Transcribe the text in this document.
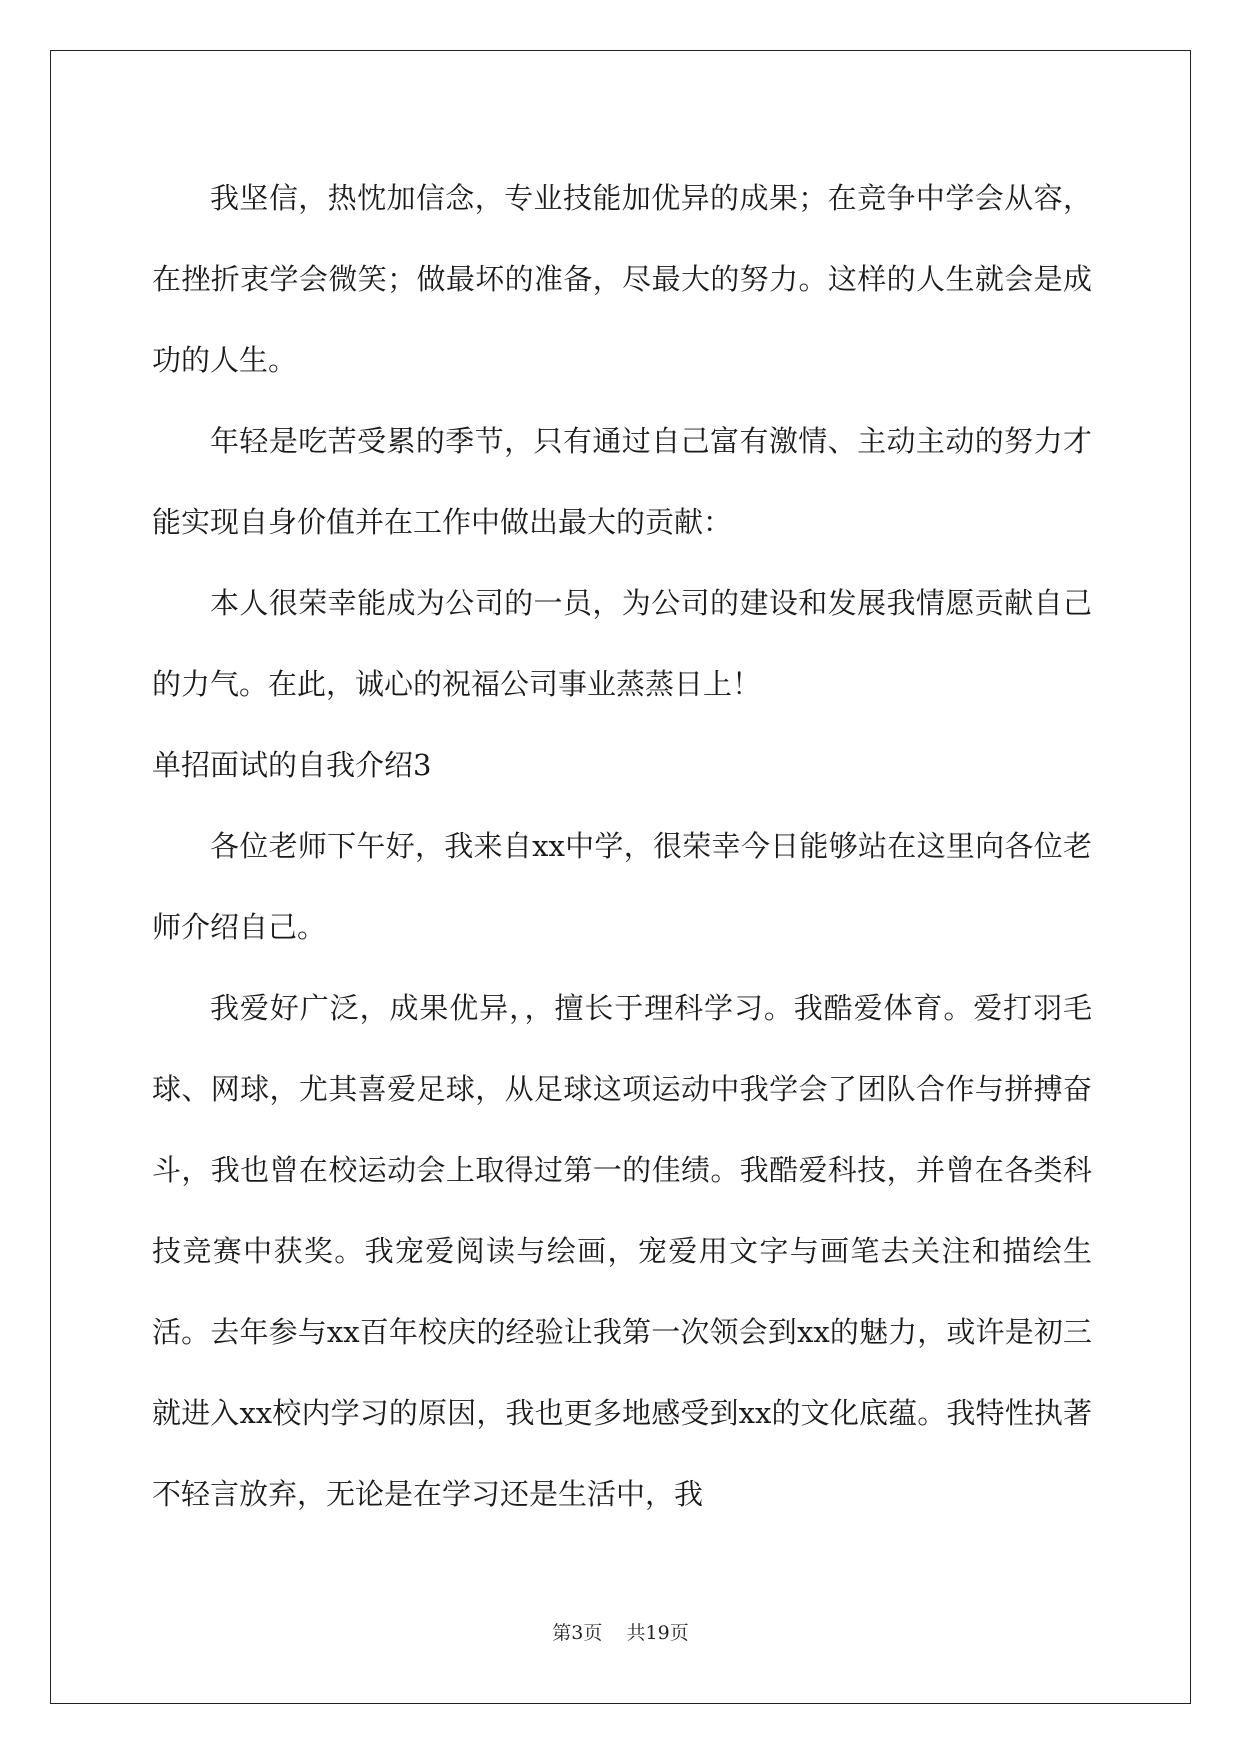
我坚信，热忱加信念，专业技能加优异的成果；在竞争中学会从容，在挫折衷学会微笑；做最坏的准备，尽最大的努力。这样的人生就会是成功的人生。

年轻是吃苦受累的季节，只有通过自己富有激情、主动主动的努力才能实现自身价值并在工作中做出最大的贡献：

本人很荣幸能成为公司的一员，为公司的建设和发展我情愿贡献自己的力气。在此，诚心的祝福公司事业蒸蒸日上！

单招面试的自我介绍3

各位老师下午好，我来自xx中学，很荣幸今日能够站在这里向各位老师介绍自己。

我爱好广泛，成果优异，，擅长于理科学习。我酷爱体育。爱打羽毛球、网球，尤其喜爱足球，从足球这项运动中我学会了团队合作与拼搏奋斗，我也曾在校运动会上取得过第一的佳绩。我酷爱科技，并曾在各类科技竞赛中获奖。我宠爱阅读与绘画，宠爱用文字与画笔去关注和描绘生活。去年参与xx百年校庆的经验让我第一次领会到xx的魅力，或许是初三就进入xx校内学习的原因，我也更多地感受到xx的文化底蕴。我特性执著不轻言放弃，无论是在学习还是生活中，我

第3页 共19页
